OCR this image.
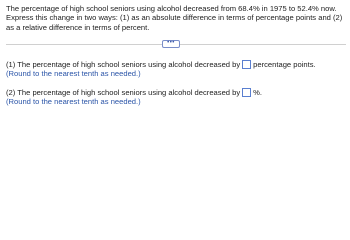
The percentage of high school seniors using alcohol decreased from 68.4% in 1975 to 52.4% now. Express this change in two ways: (1) as an absolute difference in terms of percentage points and (2) as a relative difference in terms of percent.
•••
(1) The percentage of high school seniors using alcohol decreased by percentage points.
(Round to the nearest tenth as needed.)
(2) The percentage of high school seniors using alcohol decreased by %.
(Round to the nearest tenth as needed.)
